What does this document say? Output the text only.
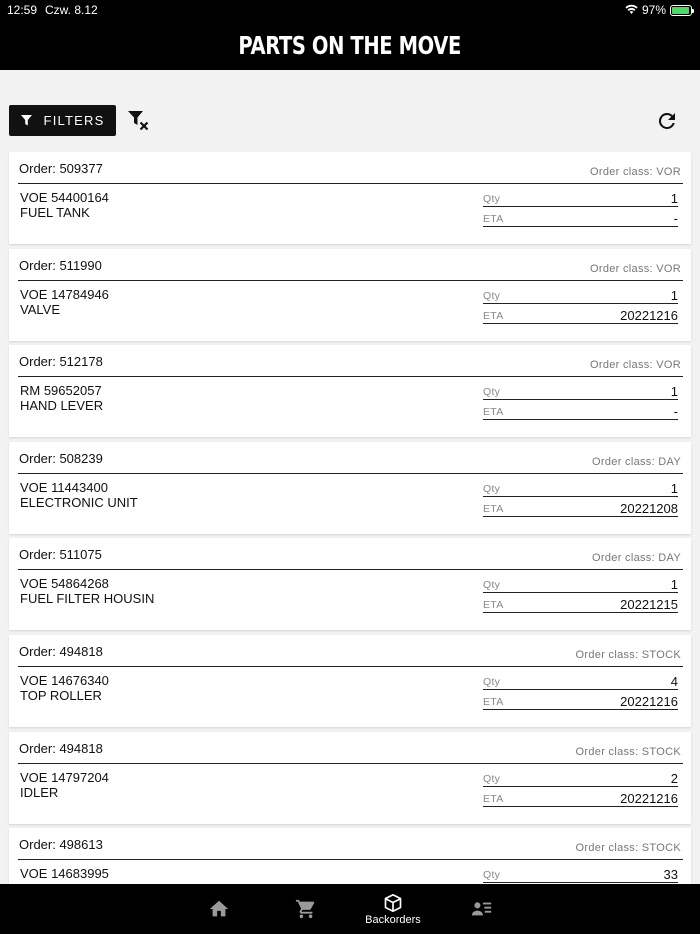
12:59 Czw. 8.12	97%
PARTS ON THE MOVE
FILTERS
Order: 509377	Order class: VOR
VOE 54400164
FUEL TANK
Qty	1
ETA	-
Order: 511990	Order class: VOR
VOE 14784946
VALVE
Qty	1
ETA	20221216
Order: 512178	Order class: VOR
RM 59652057
HAND LEVER
Qty	1
ETA	-
Order: 508239	Order class: DAY
VOE 11443400
ELECTRONIC UNIT
Qty	1
ETA	20221208
Order: 511075	Order class: DAY
VOE 54864268
FUEL FILTER HOUSIN
Qty	1
ETA	20221215
Order: 494818	Order class: STOCK
VOE 14676340
TOP ROLLER
Qty	4
ETA	20221216
Order: 494818	Order class: STOCK
VOE 14797204
IDLER
Qty	2
ETA	20221216
Order: 498613	Order class: STOCK
VOE 14683995	Qty	33
Backorders
